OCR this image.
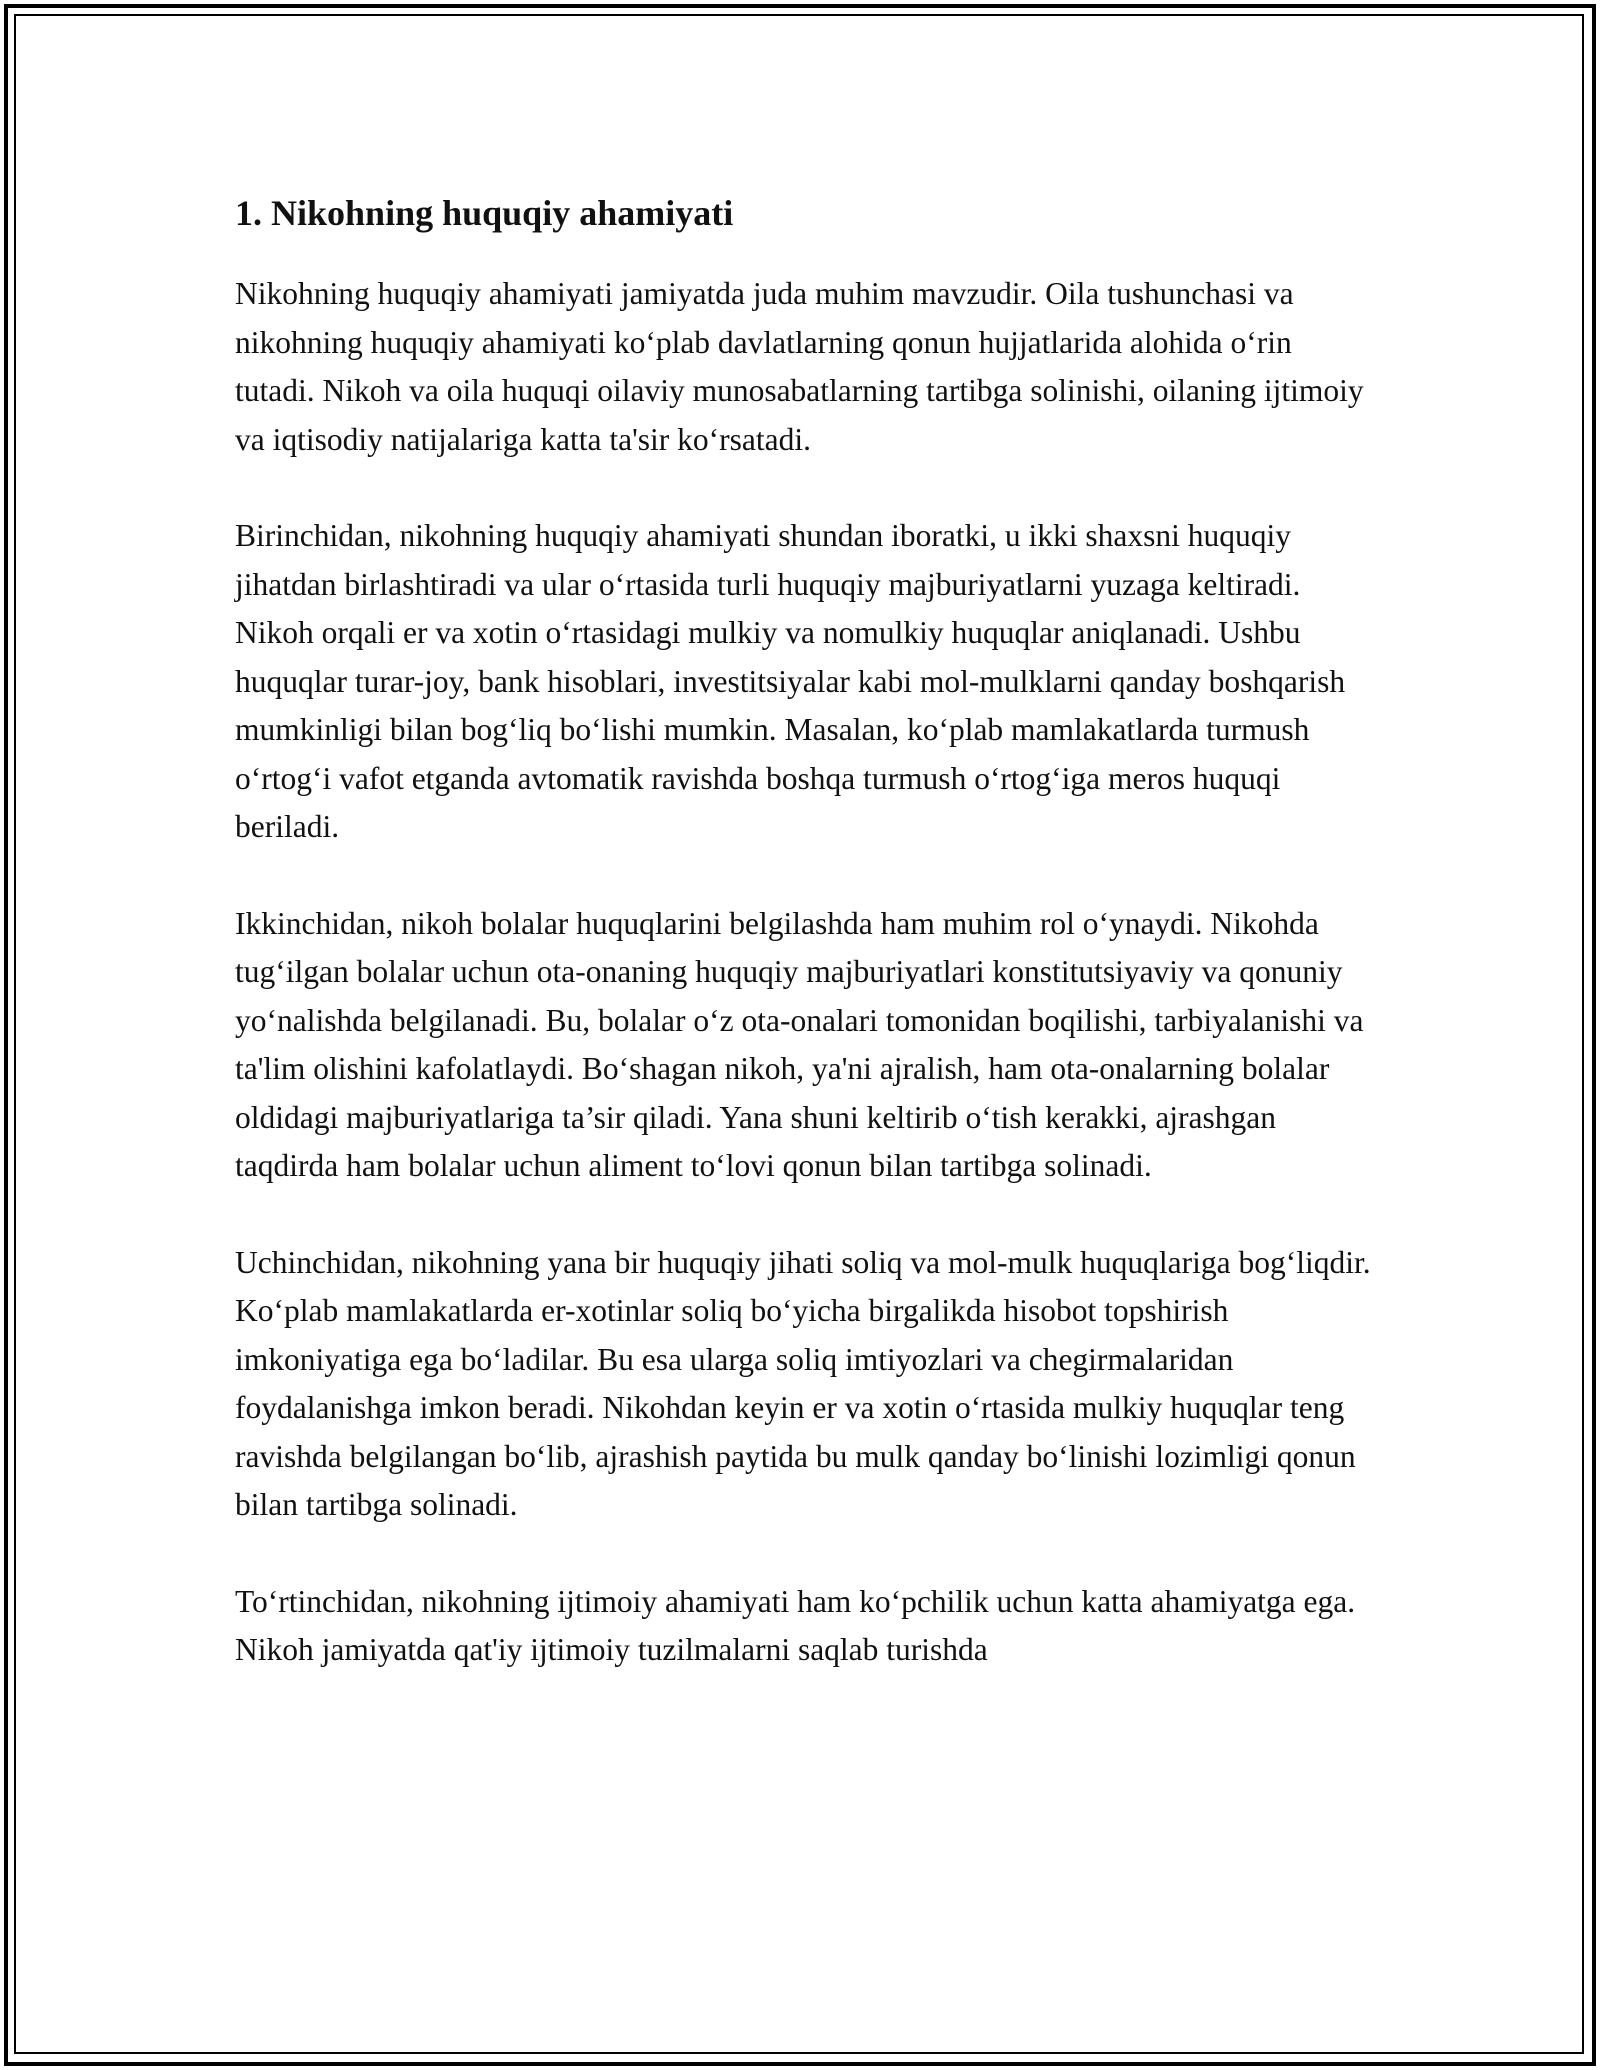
1. Nikohning huquqiy ahamiyati

Nikohning huquqiy ahamiyati jamiyatda juda muhim mavzudir. Oila tushunchasi va nikohning huquqiy ahamiyati ko‘plab davlatlarning qonun hujjatlarida alohida o‘rin tutadi. Nikoh va oila huquqi oilaviy munosabatlarning tartibga solinishi, oilaning ijtimoiy va iqtisodiy natijalariga katta ta'sir ko‘rsatadi.

Birinchidan, nikohning huquqiy ahamiyati shundan iboratki, u ikki shaxsni huquqiy jihatdan birlashtiradi va ular o‘rtasida turli huquqiy majburiyatlarni yuzaga keltiradi. Nikoh orqali er va xotin o‘rtasidagi mulkiy va nomulkiy huquqlar aniqlanadi. Ushbu huquqlar turar-joy, bank hisoblari, investitsiyalar kabi mol-mulklarni qanday boshqarish mumkinligi bilan bog‘liq bo‘lishi mumkin. Masalan, ko‘plab mamlakatlarda turmush o‘rtog‘i vafot etganda avtomatik ravishda boshqa turmush o‘rtog‘iga meros huquqi beriladi.

Ikkinchidan, nikoh bolalar huquqlarini belgilashda ham muhim rol o‘ynaydi. Nikohda tug‘ilgan bolalar uchun ota-onaning huquqiy majburiyatlari konstitutsiyaviy va qonuniy yo‘nalishda belgilanadi. Bu, bolalar o‘z ota-onalari tomonidan boqilishi, tarbiyalanishi va ta'lim olishini kafolatlaydi. Bo‘shagan nikoh, ya'ni ajralish, ham ota-onalarning bolalar oldidagi majburiyatlariga ta’sir qiladi. Yana shuni keltirib o‘tish kerakki, ajrashgan taqdirda ham bolalar uchun aliment to‘lovi qonun bilan tartibga solinadi.

Uchinchidan, nikohning yana bir huquqiy jihati soliq va mol-mulk huquqlariga bog‘liqdir. Ko‘plab mamlakatlarda er-xotinlar soliq bo‘yicha birgalikda hisobot topshirish imkoniyatiga ega bo‘ladilar. Bu esa ularga soliq imtiyozlari va chegirmalaridan foydalanishga imkon beradi. Nikohdan keyin er va xotin o‘rtasida mulkiy huquqlar teng ravishda belgilangan bo‘lib, ajrashish paytida bu mulk qanday bo‘linishi lozimligi qonun bilan tartibga solinadi.

To‘rtinchidan, nikohning ijtimoiy ahamiyati ham ko‘pchilik uchun katta ahamiyatga ega. Nikoh jamiyatda qat'iy ijtimoiy tuzilmalarni saqlab turishda
